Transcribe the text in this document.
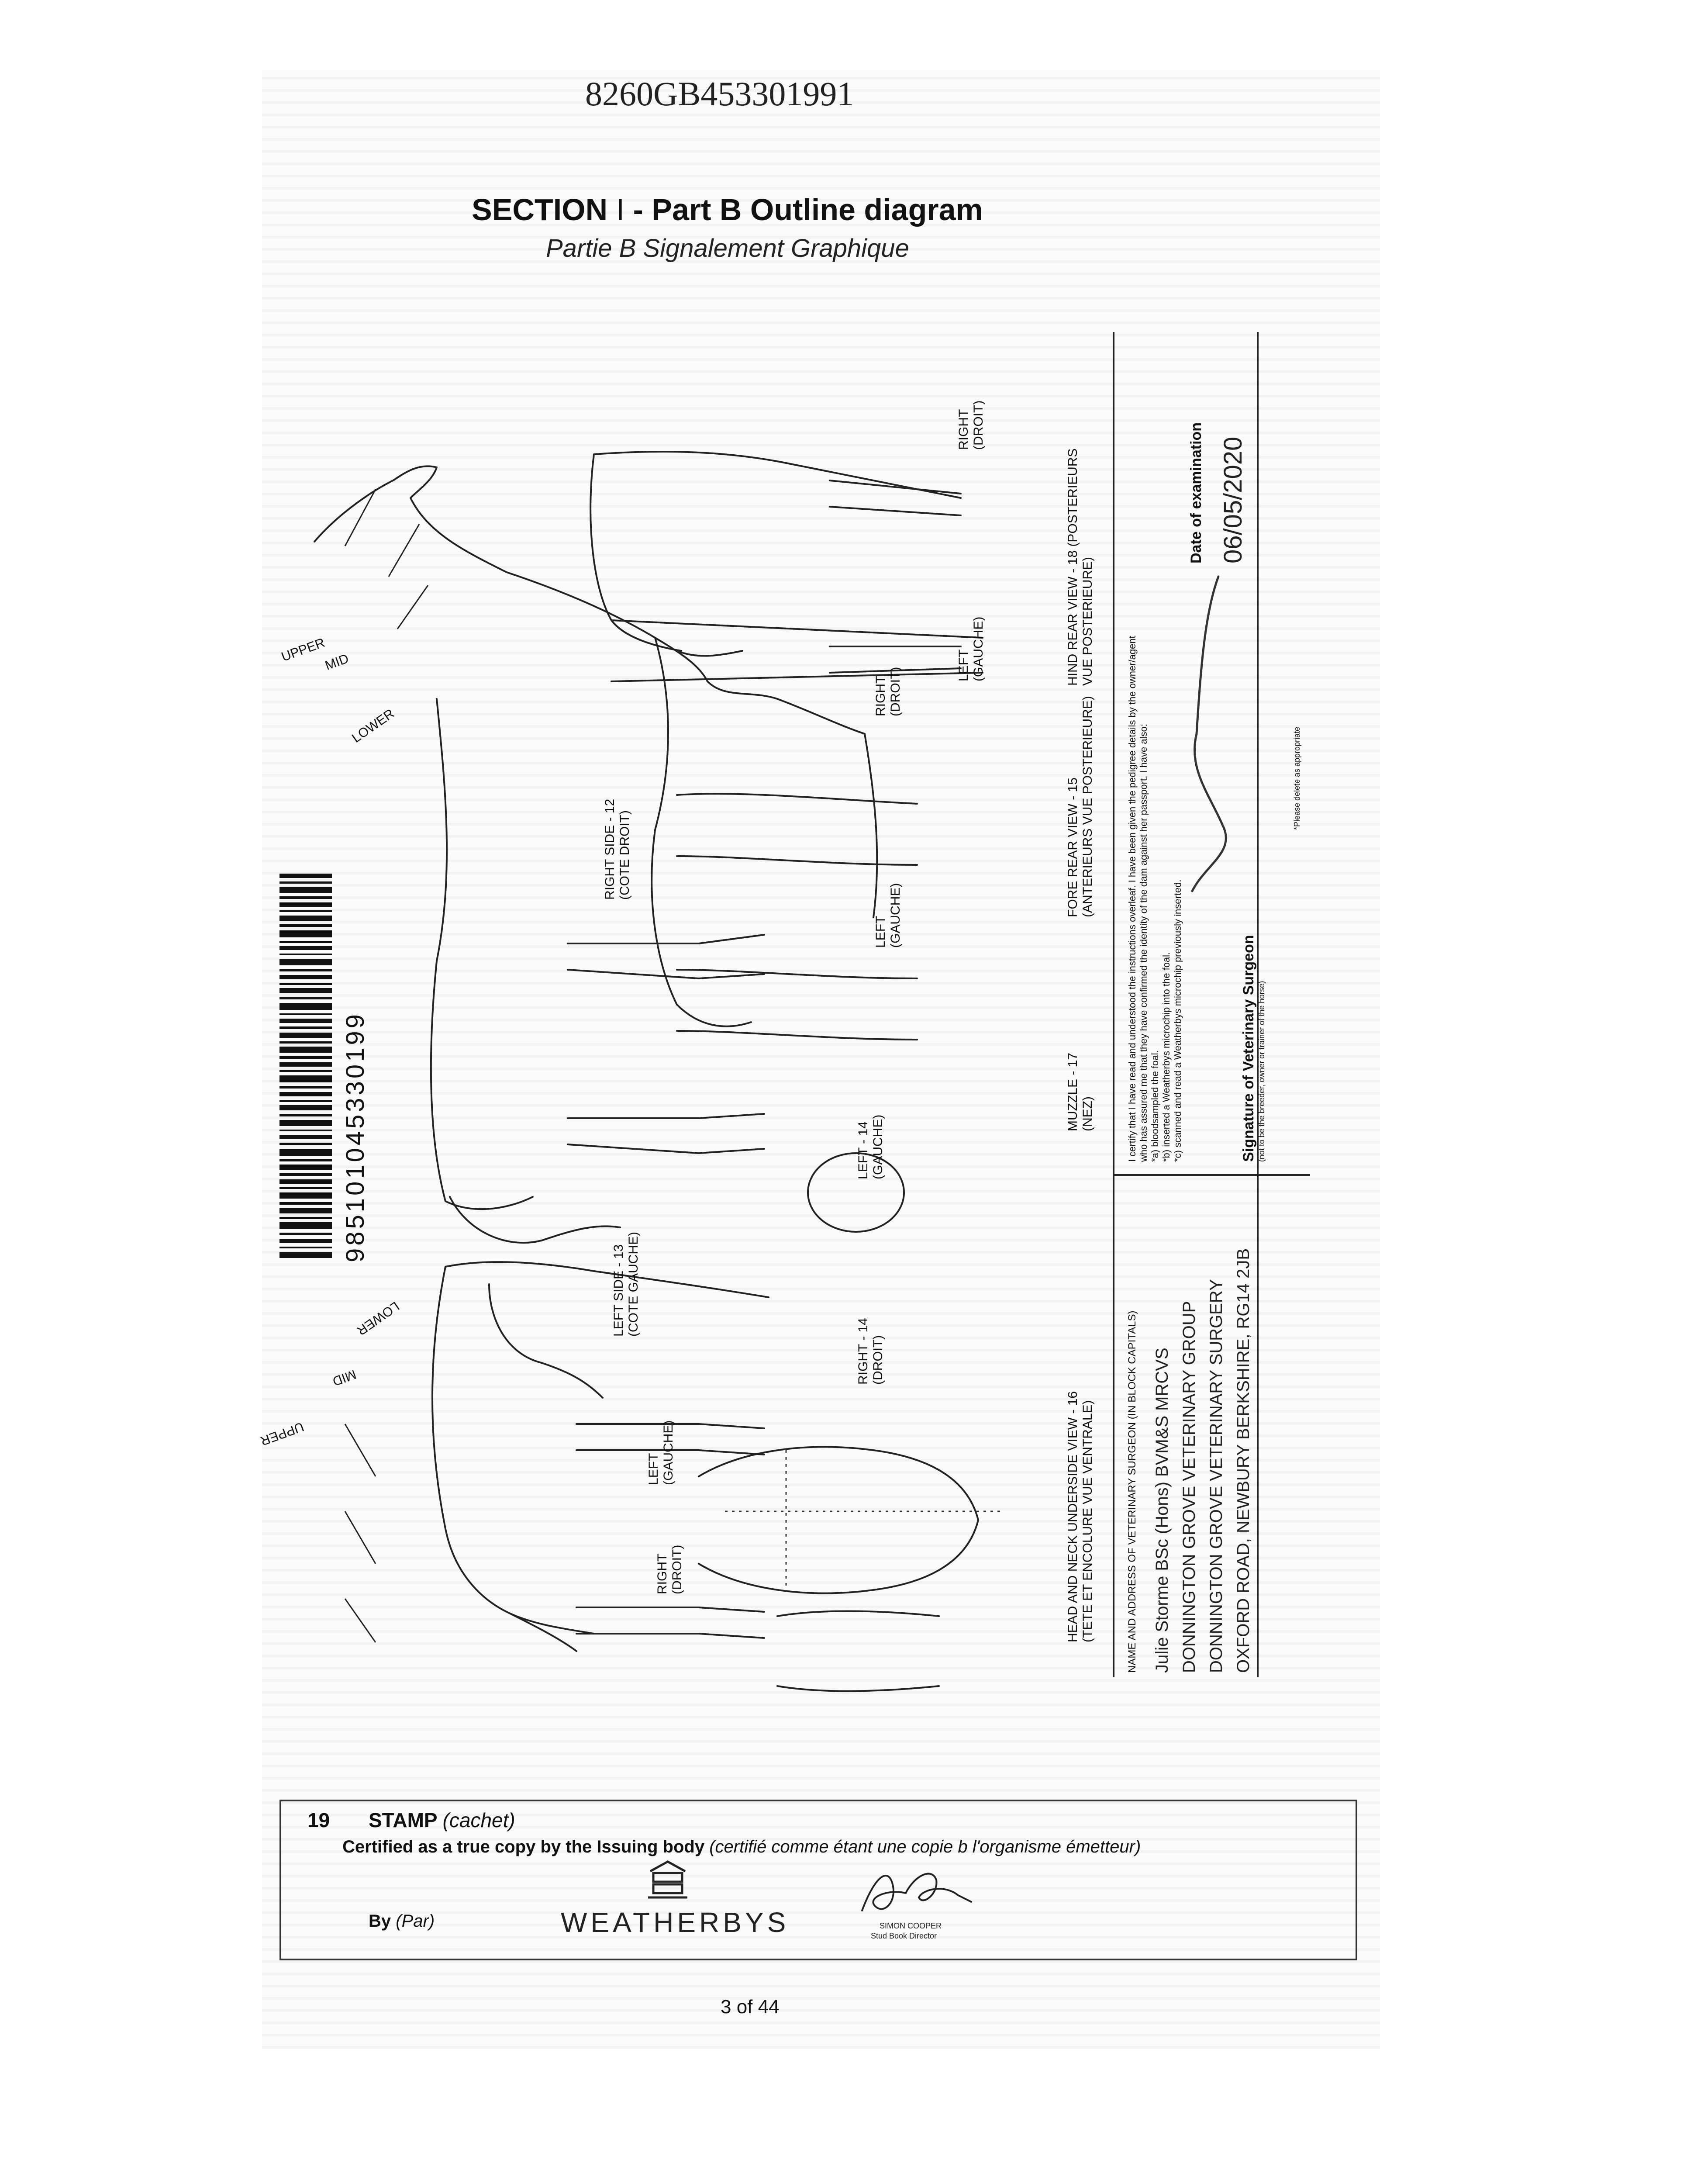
8260GB453301991
SECTION I - Part B Outline diagram
Partie B Signalement Graphique
985101045330199
UPPER
MID
LOWER
UPPER
MID
LOWER
RIGHT SIDE - 12 (COTE DROIT)
LEFT SIDE - 13 (COTE GAUCHE)
LEFT (GAUCHE)
RIGHT (DROIT)
LEFT (GAUCHE)
RIGHT (DROIT)
LEFT - 14 (GAUCHE)
RIGHT - 14 (DROIT)
LEFT (GAUCHE)
RIGHT (DROIT)
HIND REAR VIEW - 18 (POSTERIEURS VUE POSTERIEURE)
FORE REAR VIEW - 15 (ANTERIEURS VUE POSTERIEURE)
MUZZLE - 17 (NEZ)
HEAD AND NECK UNDERSIDE VIEW - 16 (TETE ET ENCOLURE VUE VENTRALE)
I certify that I have read and understood the instructions overleaf. I have been given the pedigree details by the owner/agent who has assured me that they have confirmed the identity of the dam against her passport. I have also: *a) bloodsampled the foal. *b) inserted a Weatherbys microchip into the foal. *c) scanned and read a Weatherbys microchip previously inserted.	Signature of Veterinary Surgeon (not to be the breeder, owner or trainer of the horse)
*Please delete as appropriate
Date of examination 06/05/2020
NAME AND ADDRESS OF VETERINARY SURGEON (IN BLOCK CAPITALS) Julie Storme BSc (Hons) BVM&S MRCVS DONNINGTON GROVE VETERINARY GROUP DONNINGTON GROVE VETERINARY SURGERY OXFORD ROAD, NEWBURY BERKSHIRE, RG14 2JB
19 STAMP (cachet)
Certified as a true copy by the Issuing body (certifié comme étant une copie b l'organisme émetteur)
By (Par)	WEATHERBYS	SIMON COOPER
Stud Book Director
3 of 44
